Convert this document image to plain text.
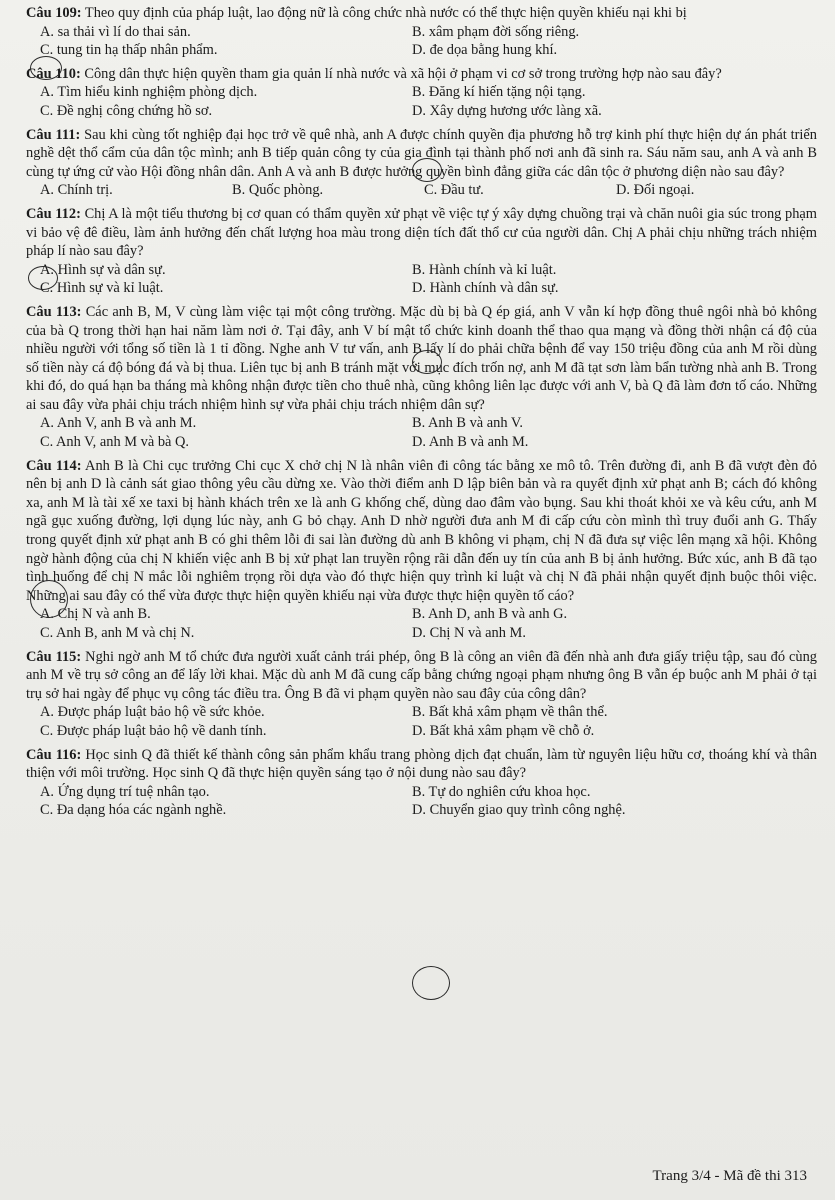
Câu 109: Theo quy định của pháp luật, lao động nữ là công chức nhà nước có thể thực hiện quyền khiếu nại khi bị

A. sa thải vì lí do thai sản.	B. xâm phạm đời sống riêng.
C. tung tin hạ thấp nhân phẩm.	D. đe dọa bằng hung khí.

Câu 110: Công dân thực hiện quyền tham gia quản lí nhà nước và xã hội ở phạm vi cơ sở trong trường hợp nào sau đây?

A. Tìm hiểu kinh nghiệm phòng dịch.	B. Đăng kí hiến tặng nội tạng.
C. Đề nghị công chứng hồ sơ.	D. Xây dựng hương ước làng xã.

Câu 111: Sau khi cùng tốt nghiệp đại học trở về quê nhà, anh A được chính quyền địa phương hỗ trợ kinh phí thực hiện dự án phát triển nghề dệt thổ cẩm của dân tộc mình; anh B tiếp quản công ty của gia đình tại thành phố nơi anh đã sinh ra. Sáu năm sau, anh A và anh B cùng tự ứng cử vào Hội đồng nhân dân. Anh A và anh B được hưởng quyền bình đẳng giữa các dân tộc ở phương diện nào sau đây?

A. Chính trị.	B. Quốc phòng.	C. Đầu tư.	D. Đối ngoại.

Câu 112: Chị A là một tiểu thương bị cơ quan có thẩm quyền xử phạt về việc tự ý xây dựng chuồng trại và chăn nuôi gia súc trong phạm vi bảo vệ đê điều, làm ảnh hưởng đến chất lượng hoa màu trong diện tích đất thổ cư của người dân. Chị A phải chịu những trách nhiệm pháp lí nào sau đây?

A. Hình sự và dân sự.	B. Hành chính và kỉ luật.
C. Hình sự và kỉ luật.	D. Hành chính và dân sự.

Câu 113: Các anh B, M, V cùng làm việc tại một công trường. Mặc dù bị bà Q ép giá, anh V vẫn kí hợp đồng thuê ngôi nhà bỏ không của bà Q trong thời hạn hai năm làm nơi ở. Tại đây, anh V bí mật tổ chức kinh doanh thể thao qua mạng và đồng thời nhận cá độ của nhiều người với tổng số tiền là 1 tỉ đồng. Nghe anh V tư vấn, anh B lấy lí do phải chữa bệnh để vay 150 triệu đồng của anh M rồi dùng số tiền này cá độ bóng đá và bị thua. Liên tục bị anh B tránh mặt với mục đích trốn nợ, anh M đã tạt sơn làm bẩn tường nhà anh B. Trong khi đó, do quá hạn ba tháng mà không nhận được tiền cho thuê nhà, cũng không liên lạc được với anh V, bà Q đã làm đơn tố cáo. Những ai sau đây vừa phải chịu trách nhiệm hình sự vừa phải chịu trách nhiệm dân sự?

A. Anh V, anh B và anh M.	B. Anh B và anh V.
C. Anh V, anh M và bà Q.	D. Anh B và anh M.

Câu 114: Anh B là Chi cục trưởng Chi cục X chở chị N là nhân viên đi công tác bằng xe mô tô. Trên đường đi, anh B đã vượt đèn đỏ nên bị anh D là cảnh sát giao thông yêu cầu dừng xe. Vào thời điểm anh D lập biên bản và ra quyết định xử phạt anh B; cách đó không xa, anh M là tài xế xe taxi bị hành khách trên xe là anh G khống chế, dùng dao đâm vào bụng. Sau khi thoát khỏi xe và kêu cứu, anh M ngã gục xuống đường, lợi dụng lúc này, anh G bỏ chạy. Anh D nhờ người đưa anh M đi cấp cứu còn mình thì truy đuổi anh G. Thấy trong quyết định xử phạt anh B có ghi thêm lỗi đi sai làn đường dù anh B không vi phạm, chị N đã đưa sự việc lên mạng xã hội. Không ngờ hành động của chị N khiến việc anh B bị xử phạt lan truyền rộng rãi dẫn đến uy tín của anh B bị ảnh hưởng. Bức xúc, anh B đã tạo tình huống để chị N mắc lỗi nghiêm trọng rồi dựa vào đó thực hiện quy trình kỉ luật và chị N đã phải nhận quyết định buộc thôi việc. Những ai sau đây có thể vừa được thực hiện quyền khiếu nại vừa được thực hiện quyền tố cáo?

A. Chị N và anh B.	B. Anh D, anh B và anh G.
C. Anh B, anh M và chị N.	D. Chị N và anh M.

Câu 115: Nghi ngờ anh M tổ chức đưa người xuất cảnh trái phép, ông B là công an viên đã đến nhà anh đưa giấy triệu tập, sau đó cùng anh M về trụ sở công an để lấy lời khai. Mặc dù anh M đã cung cấp bằng chứng ngoại phạm nhưng ông B vẫn ép buộc anh M phải ở tại trụ sở hai ngày để phục vụ công tác điều tra. Ông B đã vi phạm quyền nào sau đây của công dân?

A. Được pháp luật bảo hộ về sức khỏe.	B. Bất khả xâm phạm về thân thể.
C. Được pháp luật bảo hộ về danh tính.	D. Bất khả xâm phạm về chỗ ở.

Câu 116: Học sinh Q đã thiết kế thành công sản phẩm khẩu trang phòng dịch đạt chuẩn, làm từ nguyên liệu hữu cơ, thoáng khí và thân thiện với môi trường. Học sinh Q đã thực hiện quyền sáng tạo ở nội dung nào sau đây?

A. Ứng dụng trí tuệ nhân tạo.	B. Tự do nghiên cứu khoa học.
C. Đa dạng hóa các ngành nghề.	D. Chuyển giao quy trình công nghệ.
Trang 3/4 - Mã đề thi 313
